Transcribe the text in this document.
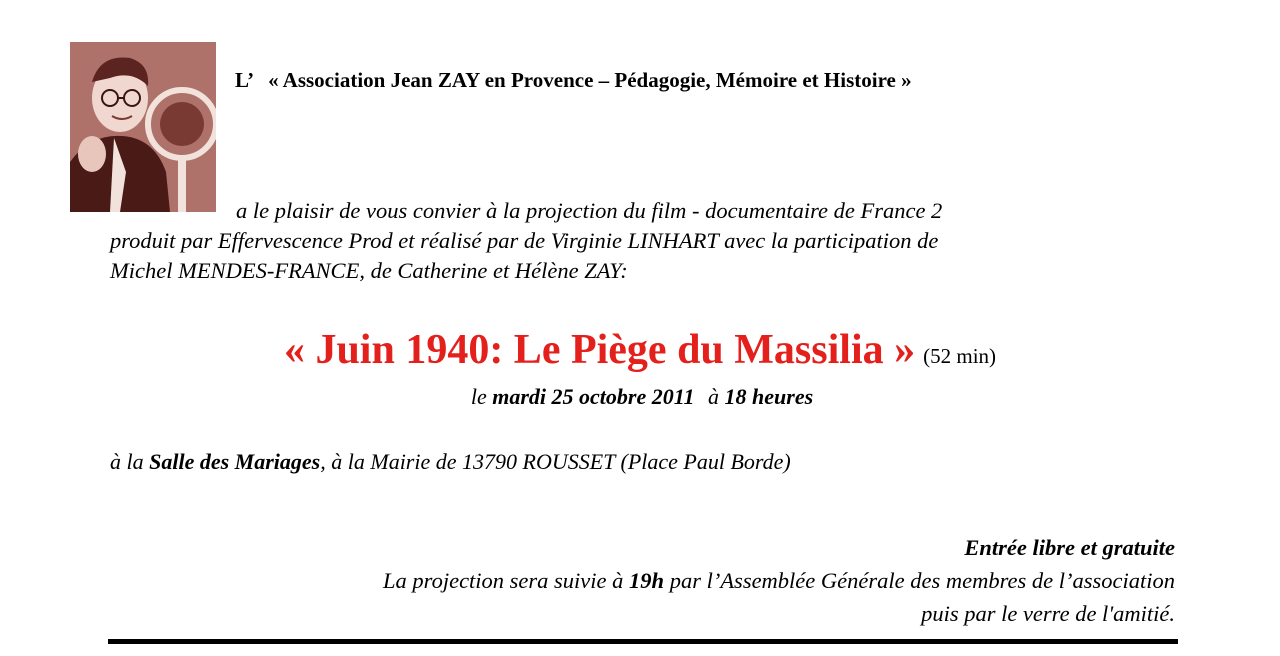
L’ « Association Jean ZAY en Provence – Pédagogie, Mémoire et Histoire »

a le plaisir de vous convier à la projection du film - documentaire de France 2

produit par Effervescence Prod et réalisé par de Virginie LINHART avec la participation de

Michel MENDES-FRANCE, de Catherine et Hélène ZAY:

« Juin 1940: Le Piège du Massilia » (52 min)

le mardi 25 octobre 2011 à 18 heures

à la Salle des Mariages, à la Mairie de 13790 ROUSSET (Place Paul Borde)

Entrée libre et gratuite

La projection sera suivie à 19h par l’Assemblée Générale des membres de l’association

puis par le verre de l'amitié.
